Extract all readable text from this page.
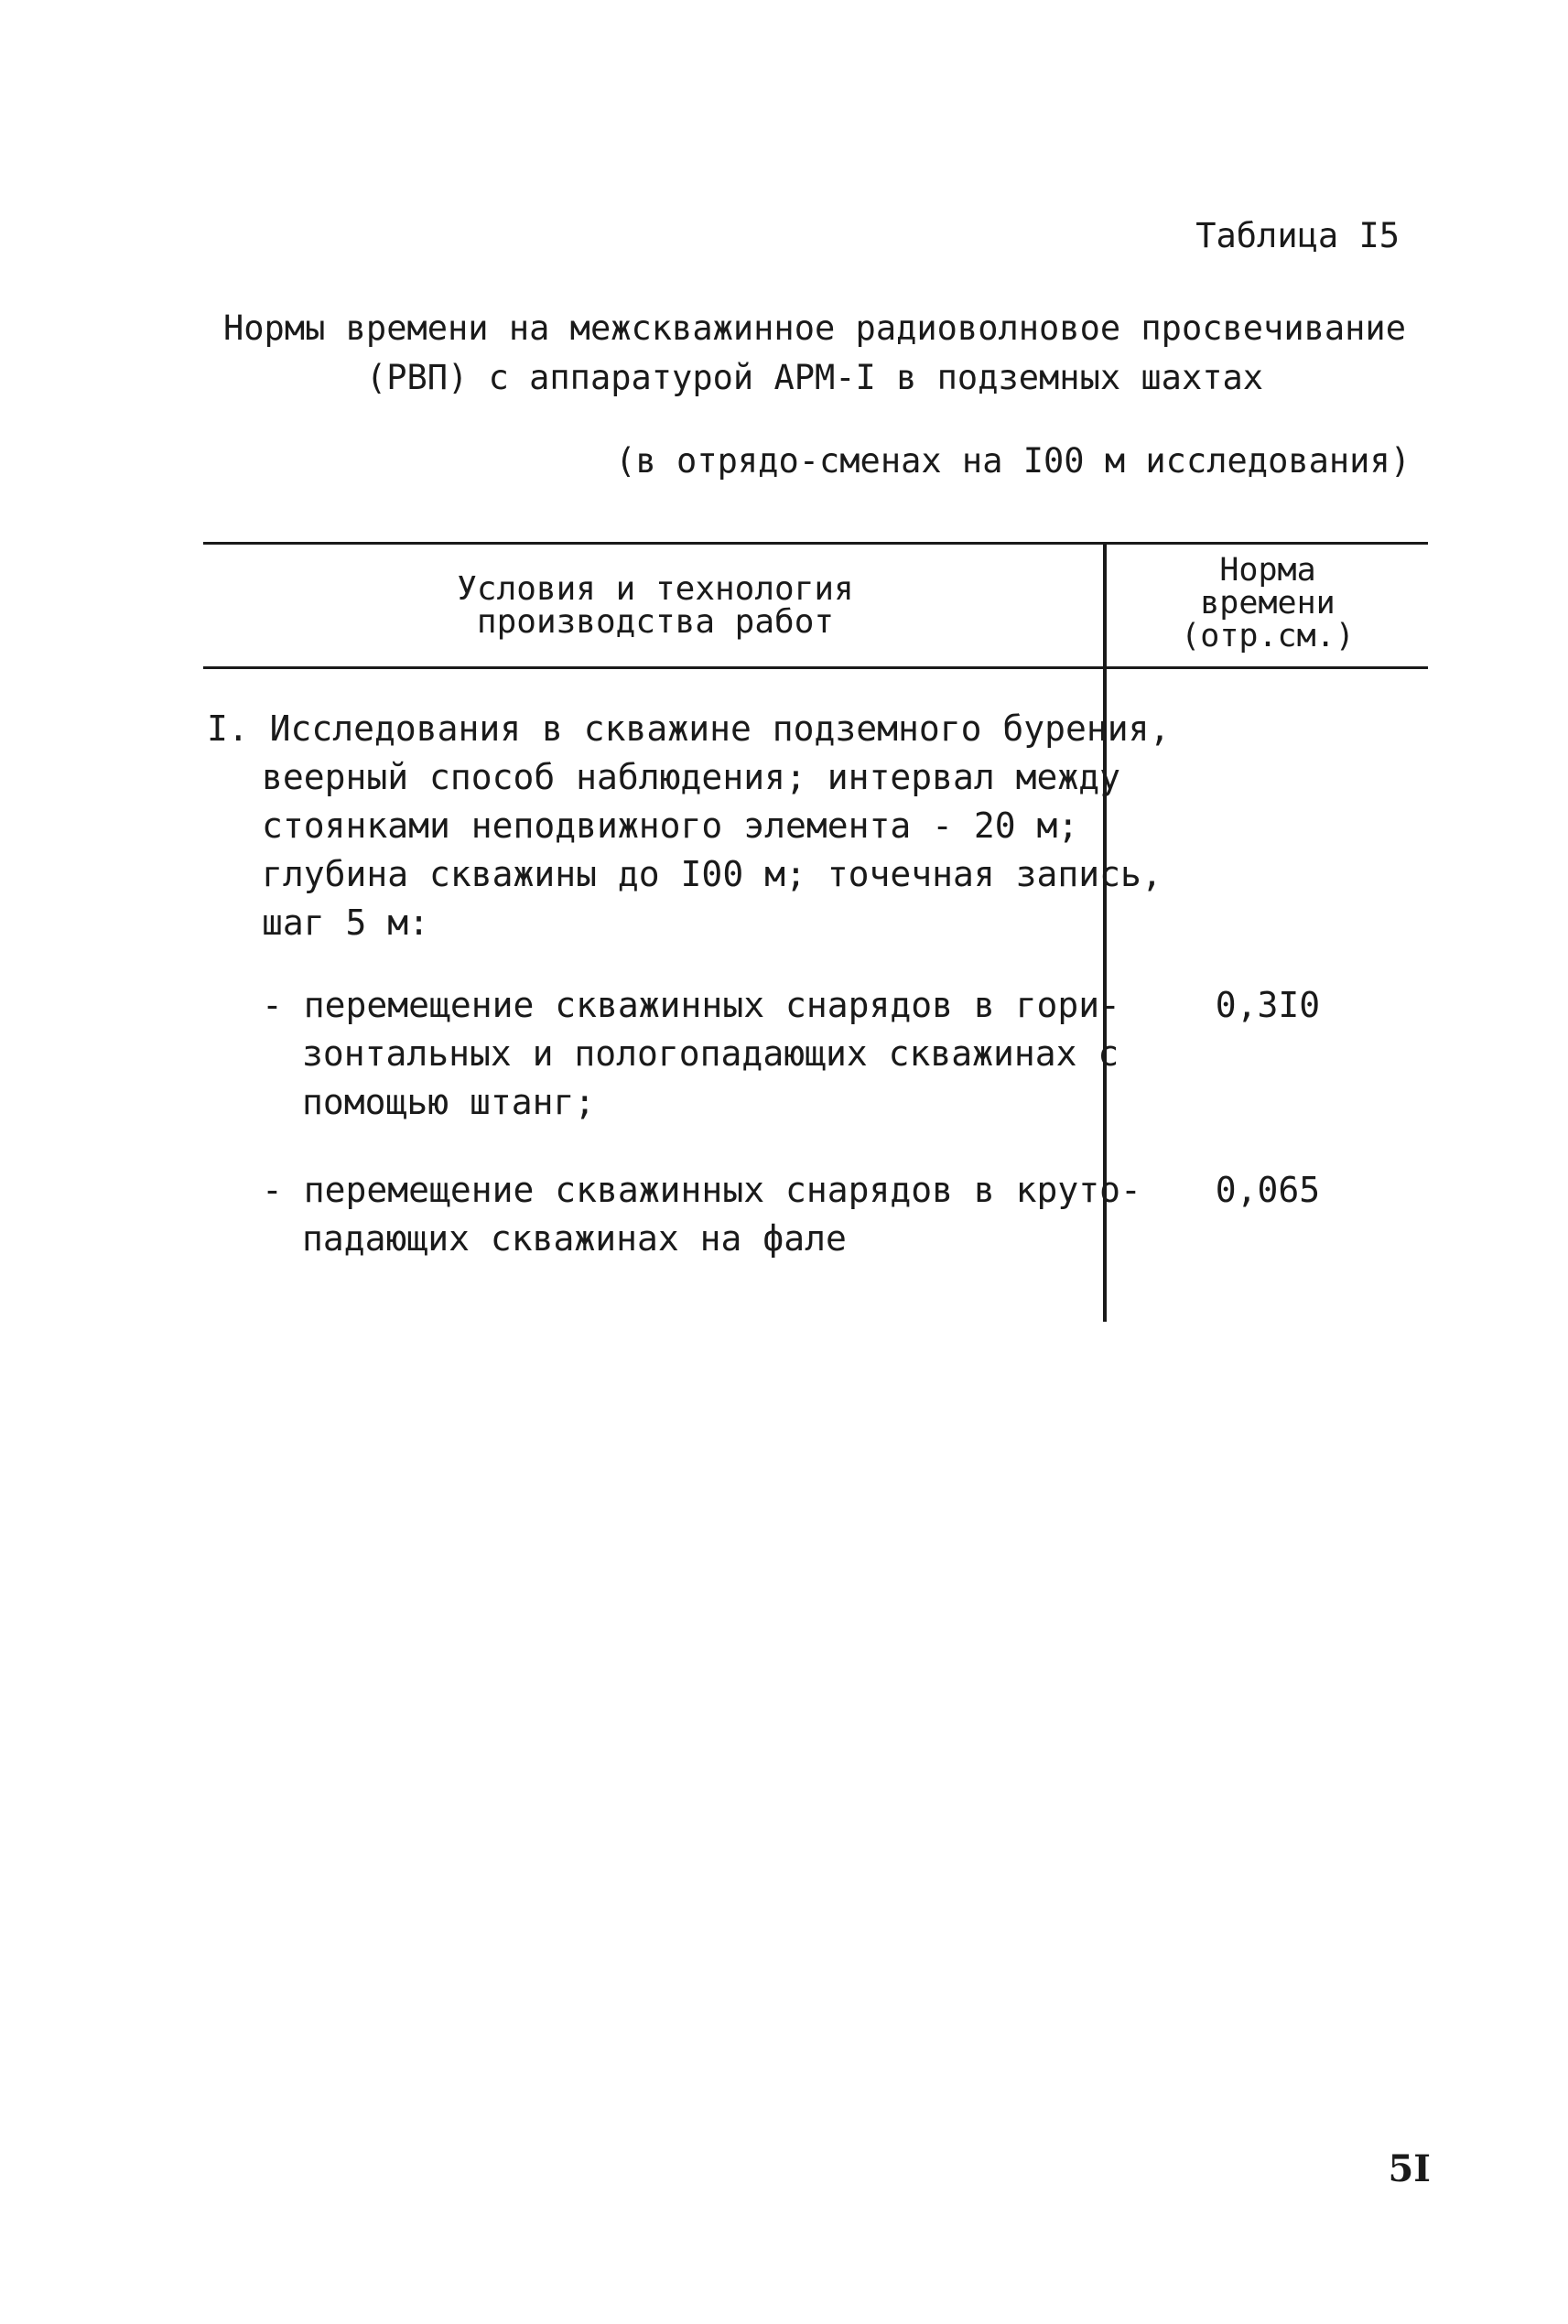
Таблица I5
Нормы времени на межскважинное радиоволновое просвечивание
(РВП) с аппаратурой АРМ-I в подземных шахтах
(в отрядо-сменах на I00 м исследования)
Условия и технология
производства работ
Норма
времени
(отр.см.)
I. Исследования в скважине подземного бурения,
веерный способ наблюдения; интервал между
стоянками неподвижного элемента - 20 м;
глубина скважины до I00 м; точечная запись,
шаг 5 м:
- перемещение скважинных снарядов в гори-
зонтальных и пологопадающих скважинах с
помощью штанг;
0,3I0
- перемещение скважинных снарядов в круто-
падающих скважинах на фале
0,065
5I
